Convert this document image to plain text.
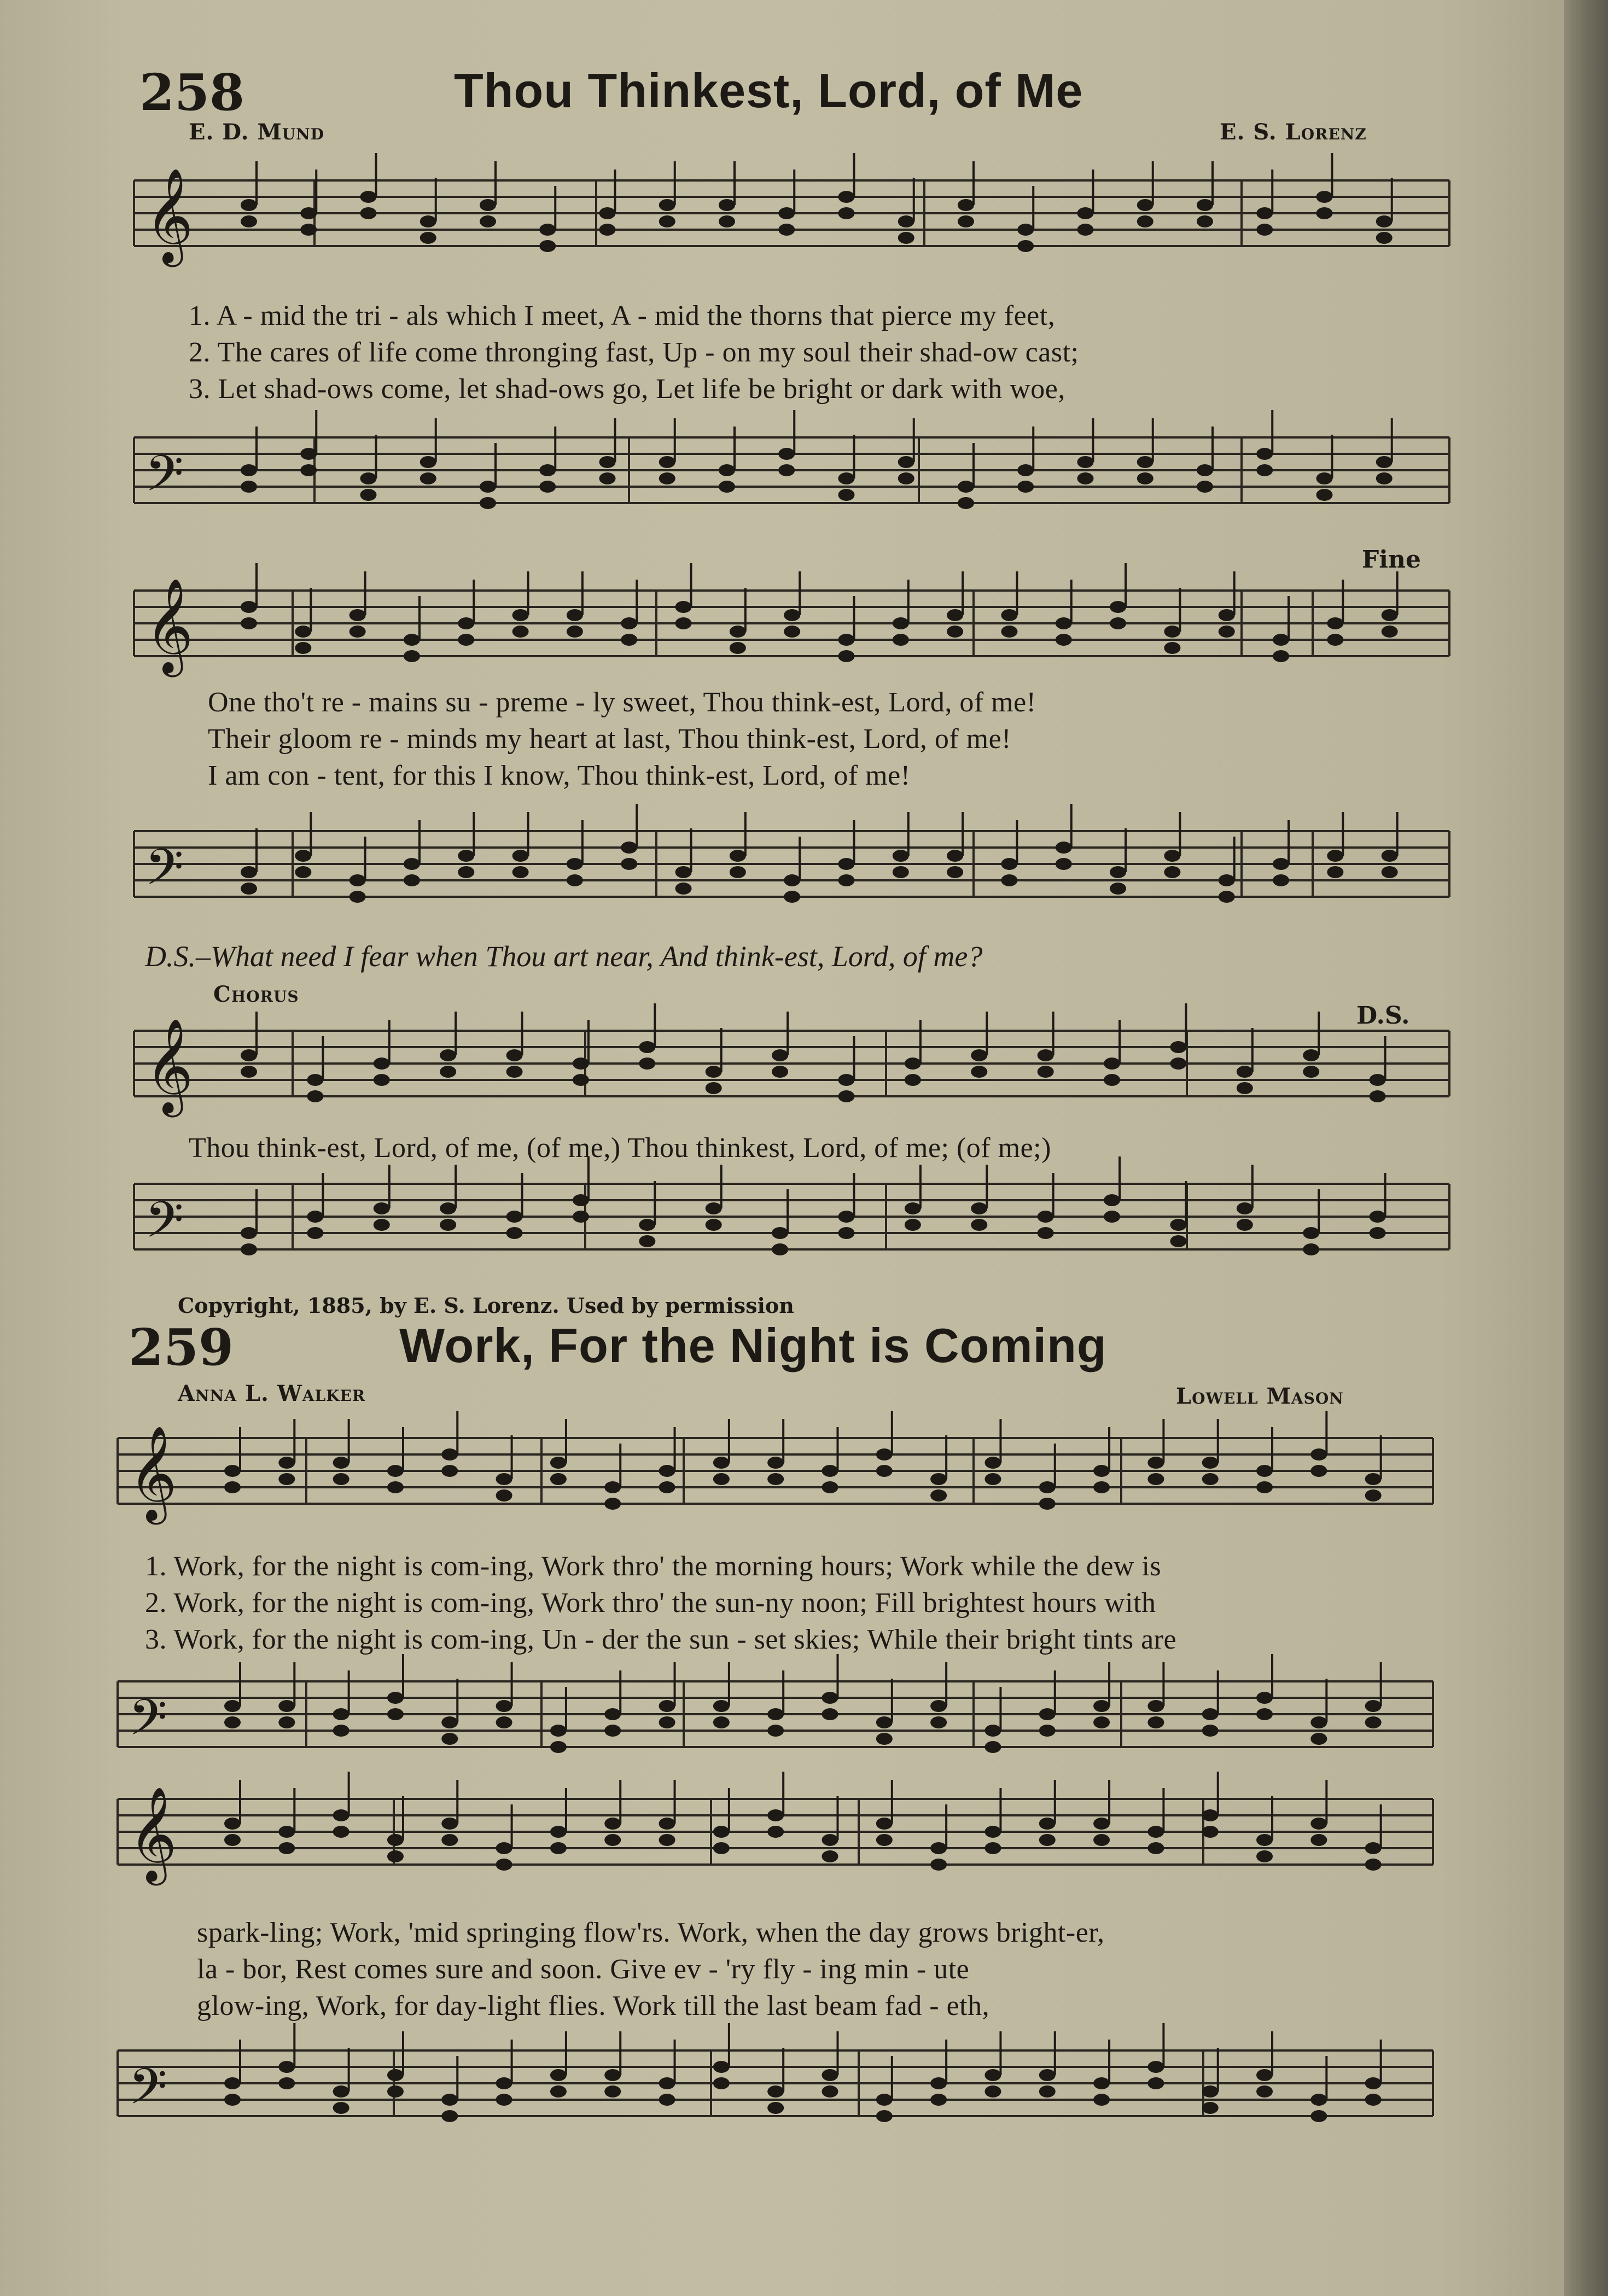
𝄞
𝄢
𝄞
𝄢
𝄞
𝄢
𝄞
𝄢
𝄞
𝄢
258	Thou Thinkest, Lord, of Me
E. D. Mund	E. S. Lorenz
1. A - mid the tri - als which I meet, A - mid the thorns that pierce my feet,
2. The cares of life come thronging fast, Up - on my soul their shad-ow cast;
3. Let shad-ows come, let shad-ows go, Let life be bright or dark with woe,
Fine
One tho't re - mains su - preme - ly sweet, Thou think-est, Lord, of me!
Their gloom re - minds my heart at last, Thou think-est, Lord, of me!
I am con - tent, for this I know, Thou think-est, Lord, of me!
D.S.–What need I fear when Thou art near, And think-est, Lord, of me?
Chorus
D.S.
Thou think-est, Lord, of me, (of me,) Thou thinkest, Lord, of me; (of me;)
Copyright, 1885, by E. S. Lorenz. Used by permission
259	Work, For the Night is Coming
Anna L. Walker	Lowell Mason
1. Work, for the night is com-ing, Work thro' the morning hours; Work while the dew is
2. Work, for the night is com-ing, Work thro' the sun-ny noon; Fill brightest hours with
3. Work, for the night is com-ing, Un - der the sun - set skies; While their bright tints are
spark-ling; Work, 'mid springing flow'rs. Work, when the day grows bright-er,
la - bor, Rest comes sure and soon. Give ev - 'ry fly - ing min - ute
glow-ing, Work, for day-light flies. Work till the last beam fad - eth,
